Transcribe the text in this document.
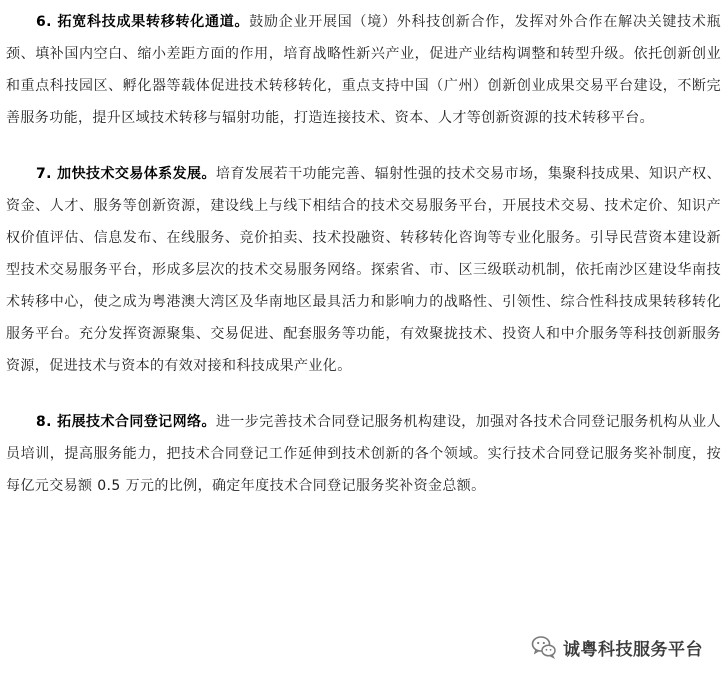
6. 拓宽科技成果转移转化通道。鼓励企业开展国（境）外科技创新合作，发挥对外合作在解决关键技术瓶颈、填补国内空白、缩小差距方面的作用，培育战略性新兴产业，促进产业结构调整和转型升级。依托创新创业和重点科技园区、孵化器等载体促进技术转移转化，重点支持中国（广州）创新创业成果交易平台建设，不断完善服务功能，提升区域技术转移与辐射功能，打造连接技术、资本、人才等创新资源的技术转移平台。

7. 加快技术交易体系发展。培育发展若干功能完善、辐射性强的技术交易市场，集聚科技成果、知识产权、资金、人才、服务等创新资源，建设线上与线下相结合的技术交易服务平台，开展技术交易、技术定价、知识产权价值评估、信息发布、在线服务、竞价拍卖、技术投融资、转移转化咨询等专业化服务。引导民营资本建设新型技术交易服务平台，形成多层次的技术交易服务网络。探索省、市、区三级联动机制，依托南沙区建设华南技术转移中心，使之成为粤港澳大湾区及华南地区最具活力和影响力的战略性、引领性、综合性科技成果转移转化服务平台。充分发挥资源聚集、交易促进、配套服务等功能，有效聚拢技术、投资人和中介服务等科技创新服务资源，促进技术与资本的有效对接和科技成果产业化。

8. 拓展技术合同登记网络。进一步完善技术合同登记服务机构建设，加强对各技术合同登记服务机构从业人员培训，提高服务能力，把技术合同登记工作延伸到技术创新的各个领域。实行技术合同登记服务奖补制度，按每亿元交易额 0.5 万元的比例，确定年度技术合同登记服务奖补资金总额。

诚粤科技服务平台
